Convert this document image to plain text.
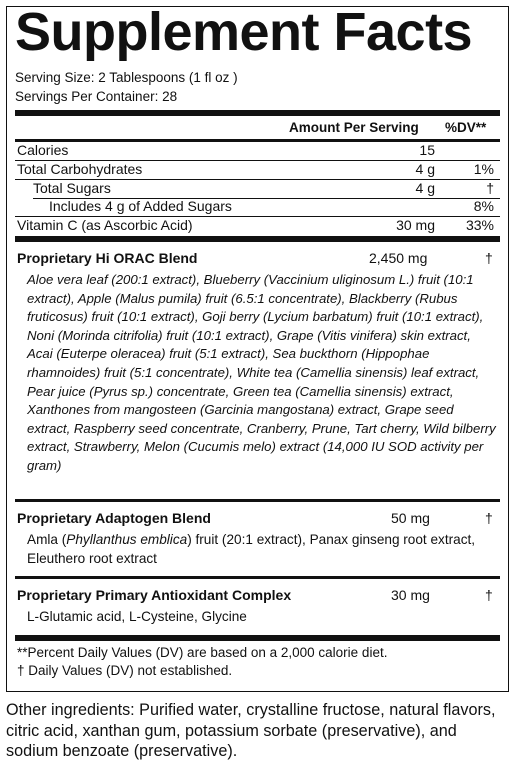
Supplement Facts
Serving Size: 2 Tablespoons (1 fl oz )
Servings Per Container: 28
Amount Per Serving %DV**
Calories	15
Total Carbohydrates	4 g	1%
Total Sugars	4 g	†
Includes 4 g of Added Sugars	8%
Vitamin C (as Ascorbic Acid)	30 mg	33%
Proprietary Hi ORAC Blend	2,450 mg	†
Aloe vera leaf (200:1 extract), Blueberry (Vaccinium uliginosum L.) fruit (10:1 extract), Apple (Malus pumila) fruit (6.5:1 concentrate), Blackberry (Rubus fruticosus) fruit (10:1 extract), Goji berry (Lycium barbatum) fruit (10:1 extract), Noni (Morinda citrifolia) fruit (10:1 extract), Grape (Vitis vinifera) skin extract, Acai (Euterpe oleracea) fruit (5:1 extract), Sea buckthorn (Hippophae rhamnoides) fruit (5:1 concentrate), White tea (Camellia sinensis) leaf extract, Pear juice (Pyrus sp.) concentrate, Green tea (Camellia sinensis) extract, Xanthones from mangosteen (Garcinia mangostana) extract, Grape seed extract, Raspberry seed concentrate, Cranberry, Prune, Tart cherry, Wild bilberry extract, Strawberry, Melon (Cucumis melo) extract (14,000 IU SOD activity per gram)
Proprietary Adaptogen Blend	50 mg	†
Amla (Phyllanthus emblica) fruit (20:1 extract), Panax ginseng root extract, Eleuthero root extract
Proprietary Primary Antioxidant Complex	30 mg	†
L-Glutamic acid, L-Cysteine, Glycine
**Percent Daily Values (DV) are based on a 2,000 calorie diet.
† Daily Values (DV) not established.
Other ingredients: Purified water, crystalline fructose, natural flavors, citric acid, xanthan gum, potassium sorbate (preservative), and sodium benzoate (preservative).
